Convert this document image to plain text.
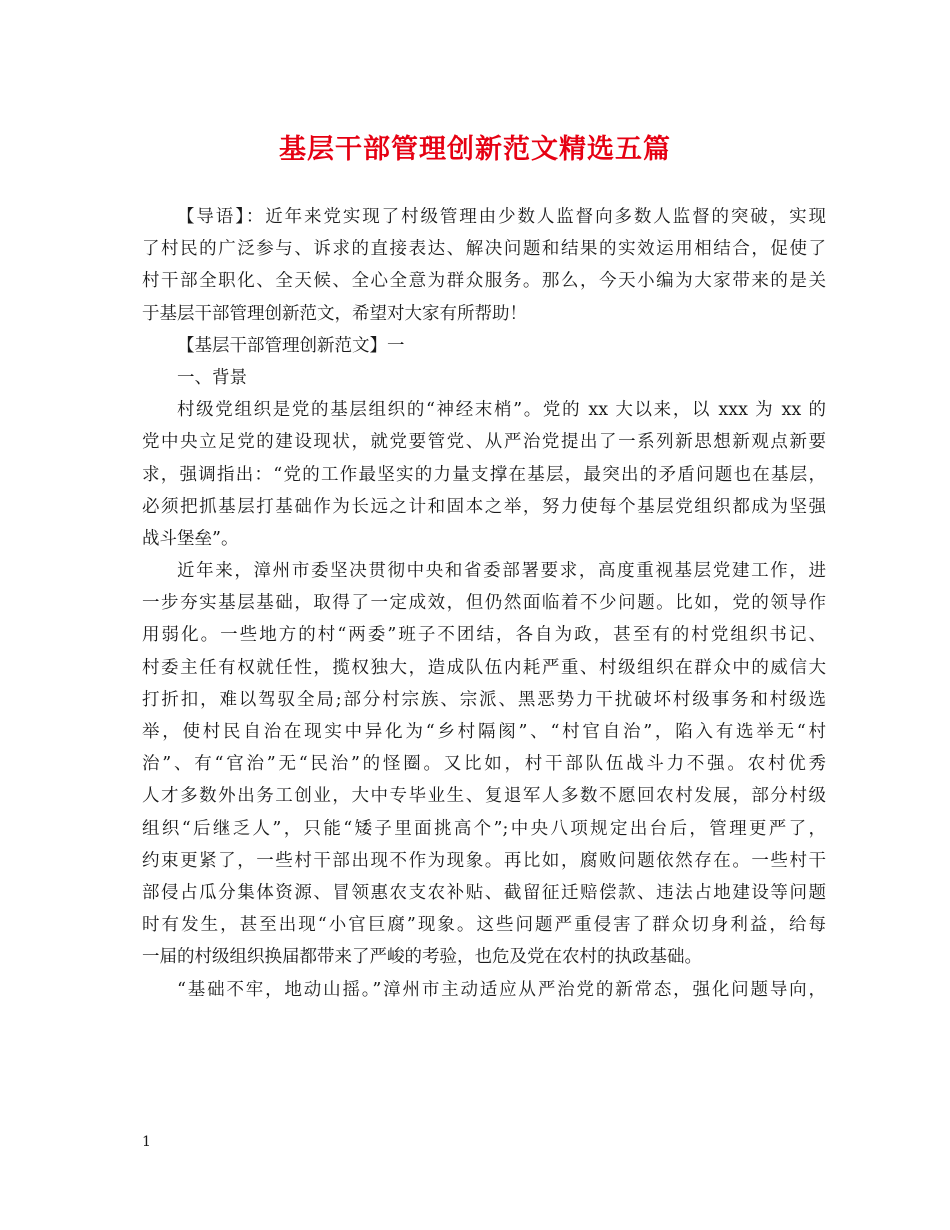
基层干部管理创新范文精选五篇
【导语】：近年来党实现了村级管理由少数人监督向多数人监督的突破，实现
了村民的广泛参与、诉求的直接表达、解决问题和结果的实效运用相结合，促使了
村干部全职化、全天候、全心全意为群众服务。那么，今天小编为大家带来的是关
于基层干部管理创新范文，希望对大家有所帮助！
【基层干部管理创新范文】一
一、背景
村级党组织是党的基层组织的“神经末梢”。党的 xx 大以来，以 xxx 为 xx 的
党中央立足党的建设现状，就党要管党、从严治党提出了一系列新思想新观点新要
求，强调指出：“党的工作最坚实的力量支撑在基层，最突出的矛盾问题也在基层，
必须把抓基层打基础作为长远之计和固本之举，努力使每个基层党组织都成为坚强
战斗堡垒”。
近年来，漳州市委坚决贯彻中央和省委部署要求，高度重视基层党建工作，进
一步夯实基层基础，取得了一定成效，但仍然面临着不少问题。比如，党的领导作
用弱化。一些地方的村“两委”班子不团结，各自为政，甚至有的村党组织书记、
村委主任有权就任性，揽权独大，造成队伍内耗严重、村级组织在群众中的威信大
打折扣，难以驾驭全局;部分村宗族、宗派、黑恶势力干扰破坏村级事务和村级选
举，使村民自治在现实中异化为“乡村隔阂”、“村官自治”，陷入有选举无“村
治”、有“官治”无“民治”的怪圈。又比如，村干部队伍战斗力不强。农村优秀
人才多数外出务工创业，大中专毕业生、复退军人多数不愿回农村发展，部分村级
组织“后继乏人”，只能“矮子里面挑高个”;中央八项规定出台后，管理更严了，
约束更紧了，一些村干部出现不作为现象。再比如，腐败问题依然存在。一些村干
部侵占瓜分集体资源、冒领惠农支农补贴、截留征迁赔偿款、违法占地建设等问题
时有发生，甚至出现“小官巨腐”现象。这些问题严重侵害了群众切身利益，给每
一届的村级组织换届都带来了严峻的考验，也危及党在农村的执政基础。
“基础不牢，地动山摇。”漳州市主动适应从严治党的新常态，强化问题导向，
1
